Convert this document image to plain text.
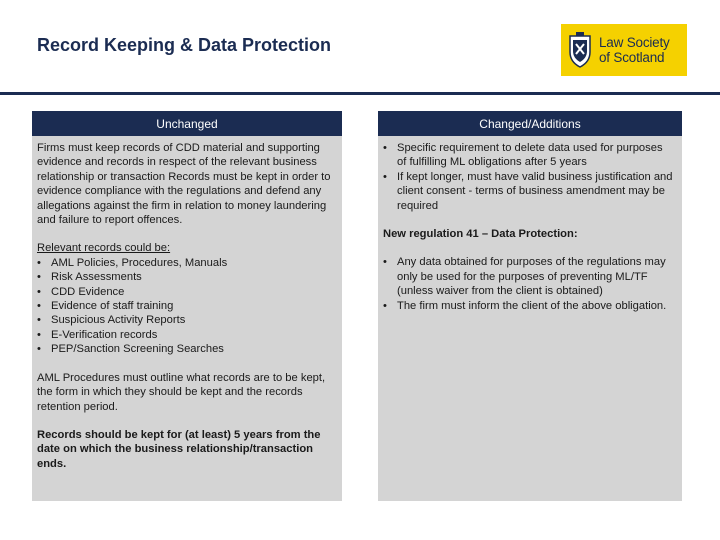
Record Keeping & Data Protection	Law Society
of Scotland
Unchanged	Changed/Additions
Firms must keep records of CDD material and supporting evidence and records in respect of the relevant business relationship or transaction Records must be kept in order to evidence compliance with the regulations and defend any allegations against the firm in relation to money laundering and failure to report offences.
Relevant records could be:
• AML Policies, Procedures, Manuals
• Risk Assessments
• CDD Evidence
• Evidence of staff training
• Suspicious Activity Reports
• E-Verification records
• PEP/Sanction Screening Searches
AML Procedures must outline what records are to be kept, the form in which they should be kept and the records retention period.
Records should be kept for (at least) 5 years from the date on which the business relationship/transaction ends.
• Specific requirement to delete data used for purposes of fulfilling ML obligations after 5 years
• If kept longer, must have valid business justification and client consent - terms of business amendment may be required
New regulation 41 – Data Protection:
• Any data obtained for purposes of the regulations may only be used for the purposes of preventing ML/TF (unless waiver from the client is obtained)
• The firm must inform the client of the above obligation.
